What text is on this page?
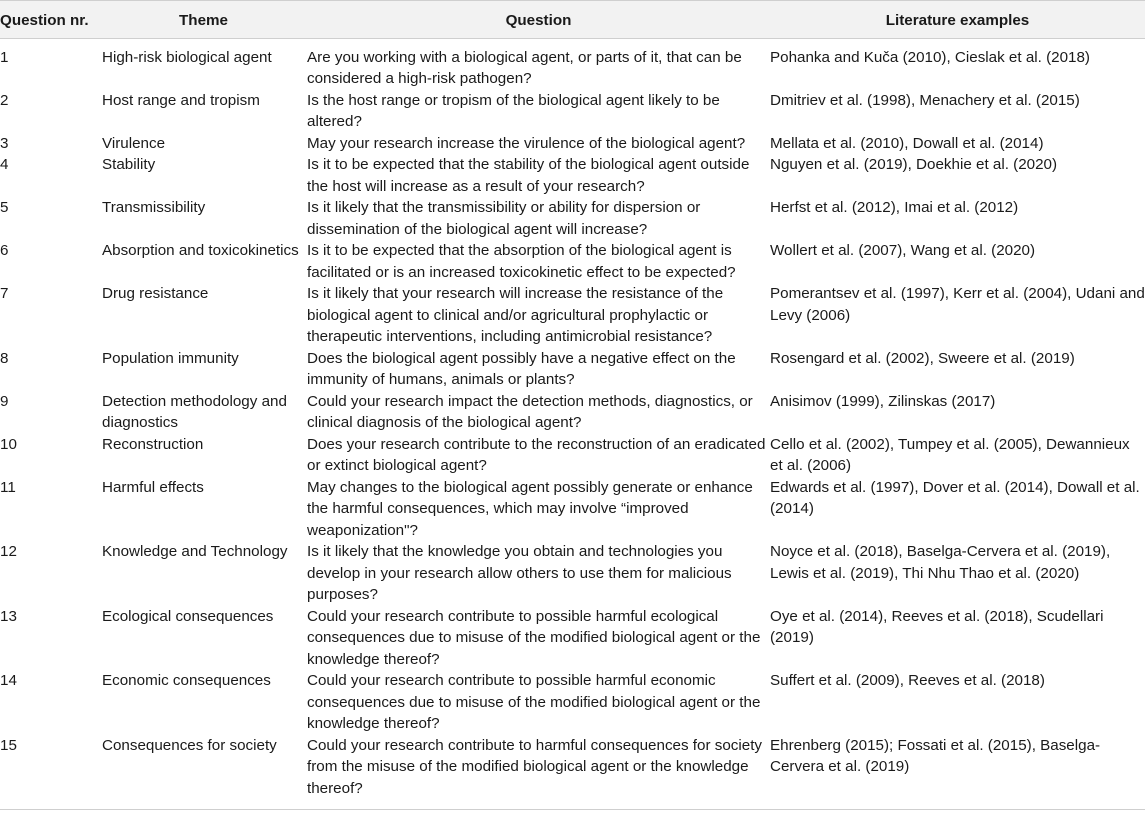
Question nr.	Theme	Question	Literature examples
1	High-risk biological agent	Are you working with a biological agent, or parts of it, that can be considered a high-risk pathogen?	Pohanka and Kuča (2010), Cieslak et al. (2018)
2	Host range and tropism	Is the host range or tropism of the biological agent likely to be altered?	Dmitriev et al. (1998), Menachery et al. (2015)
3	Virulence	May your research increase the virulence of the biological agent?	Mellata et al. (2010), Dowall et al. (2014)
4	Stability	Is it to be expected that the stability of the biological agent outside the host will increase as a result of your research?	Nguyen et al. (2019), Doekhie et al. (2020)
5	Transmissibility	Is it likely that the transmissibility or ability for dispersion or dissemination of the biological agent will increase?	Herfst et al. (2012), Imai et al. (2012)
6	Absorption and toxicokinetics	Is it to be expected that the absorption of the biological agent is facilitated or is an increased toxicokinetic effect to be expected?	Wollert et al. (2007), Wang et al. (2020)
7	Drug resistance	Is it likely that your research will increase the resistance of the biological agent to clinical and/or agricultural prophylactic or therapeutic interventions, including antimicrobial resistance?	Pomerantsev et al. (1997), Kerr et al. (2004), Udani and Levy (2006)
8	Population immunity	Does the biological agent possibly have a negative effect on the immunity of humans, animals or plants?	Rosengard et al. (2002), Sweere et al. (2019)
9	Detection methodology and diagnostics	Could your research impact the detection methods, diagnostics, or clinical diagnosis of the biological agent?	Anisimov (1999), Zilinskas (2017)
10	Reconstruction	Does your research contribute to the reconstruction of an eradicated or extinct biological agent?	Cello et al. (2002), Tumpey et al. (2005), Dewannieux et al. (2006)
11	Harmful effects	May changes to the biological agent possibly generate or enhance the harmful consequences, which may involve “improved weaponization"?	Edwards et al. (1997), Dover et al. (2014), Dowall et al. (2014)
12	Knowledge and Technology	Is it likely that the knowledge you obtain and technologies you develop in your research allow others to use them for malicious purposes?	Noyce et al. (2018), Baselga-Cervera et al. (2019), Lewis et al. (2019), Thi Nhu Thao et al. (2020)
13	Ecological consequences	Could your research contribute to possible harmful ecological consequences due to misuse of the modified biological agent or the knowledge thereof?	Oye et al. (2014), Reeves et al. (2018), Scudellari (2019)
14	Economic consequences	Could your research contribute to possible harmful economic consequences due to misuse of the modified biological agent or the knowledge thereof?	Suffert et al. (2009), Reeves et al. (2018)
15	Consequences for society	Could your research contribute to harmful consequences for society from the misuse of the modified biological agent or the knowledge thereof?	Ehrenberg (2015); Fossati et al. (2015), Baselga-Cervera et al. (2019)
